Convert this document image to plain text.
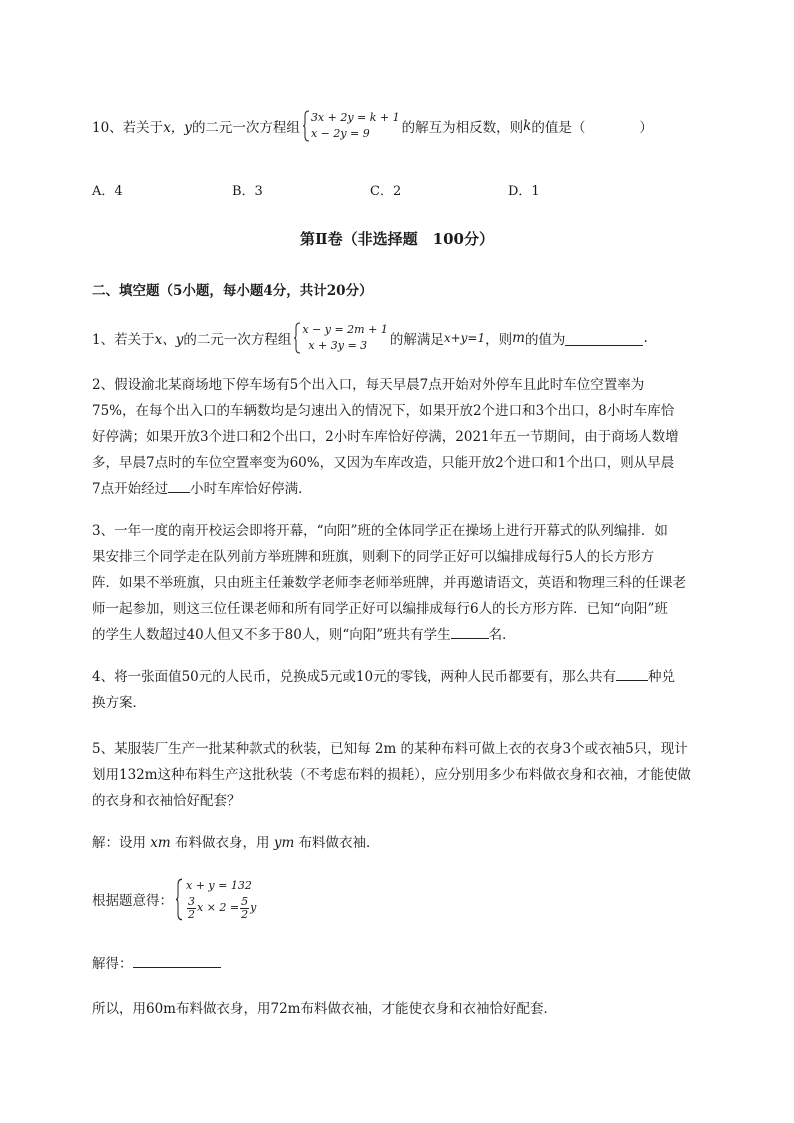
10、若关于 x，y 的二元一次方程组
3x + 2y = k + 1
x − 2y = 9	的解互为相反数，则 k 的值是（　　　　）
A．4	B．3	C．2	D．1
第Ⅱ卷（非选择题　100分）
二、填空题（5小题，每小题4分，共计20分）
1、若关于 x、y 的二元一次方程组
x − y = 2m + 1
x + 3y = 3	的解满足 x+y=1 ，则 m 的值为	.
2、假设渝北某商场地下停车场有5个出入口，每天早晨7点开始对外停车且此时车位空置率为
75%，在每个出入口的车辆数均是匀速出入的情况下，如果开放2个进口和3个出口，8小时车库恰
好停满；如果开放3个进口和2个出口，2小时车库恰好停满，2021年五一节期间，由于商场人数增
多，早晨7点时的车位空置率变为60%，又因为车库改造，只能开放2个进口和1个出口，则从早晨
7点开始经过 小时车库恰好停满．
3、一年一度的南开校运会即将开幕，“向阳”班的全体同学正在操场上进行开幕式的队列编排．如
果安排三个同学走在队列前方举班牌和班旗，则剩下的同学正好可以编排成每行5人的长方形方
阵．如果不举班旗，只由班主任兼数学老师李老师举班牌，并再邀请语文，英语和物理三科的任课老
师一起参加，则这三位任课老师和所有同学正好可以编排成每行6人的长方形方阵．已知“向阳”班
的学生人数超过40人但又不多于80人，则“向阳”班共有学生	名．
4、将一张面值50元的人民币，兑换成5元或10元的零钱，两种人民币都要有，那么共有 种兑
换方案．
5、某服装厂生产一批某种款式的秋装，已知每 2m 的某种布料可做上衣的衣身3个或衣袖5只，现计
划用132m这种布料生产这批秋装（不考虑布料的损耗），应分别用多少布料做衣身和衣袖，才能使做
的衣身和衣袖恰好配套？
解：设用 xm 布料做衣身，用 ym 布料做衣袖．
根据题意得：
x + y = 132
$\frac{3}{2}$ $x \times 2 = \frac{5}{2}$ y
解得：
所以，用60m布料做衣身，用72m布料做衣袖，才能使衣身和衣袖恰好配套．
